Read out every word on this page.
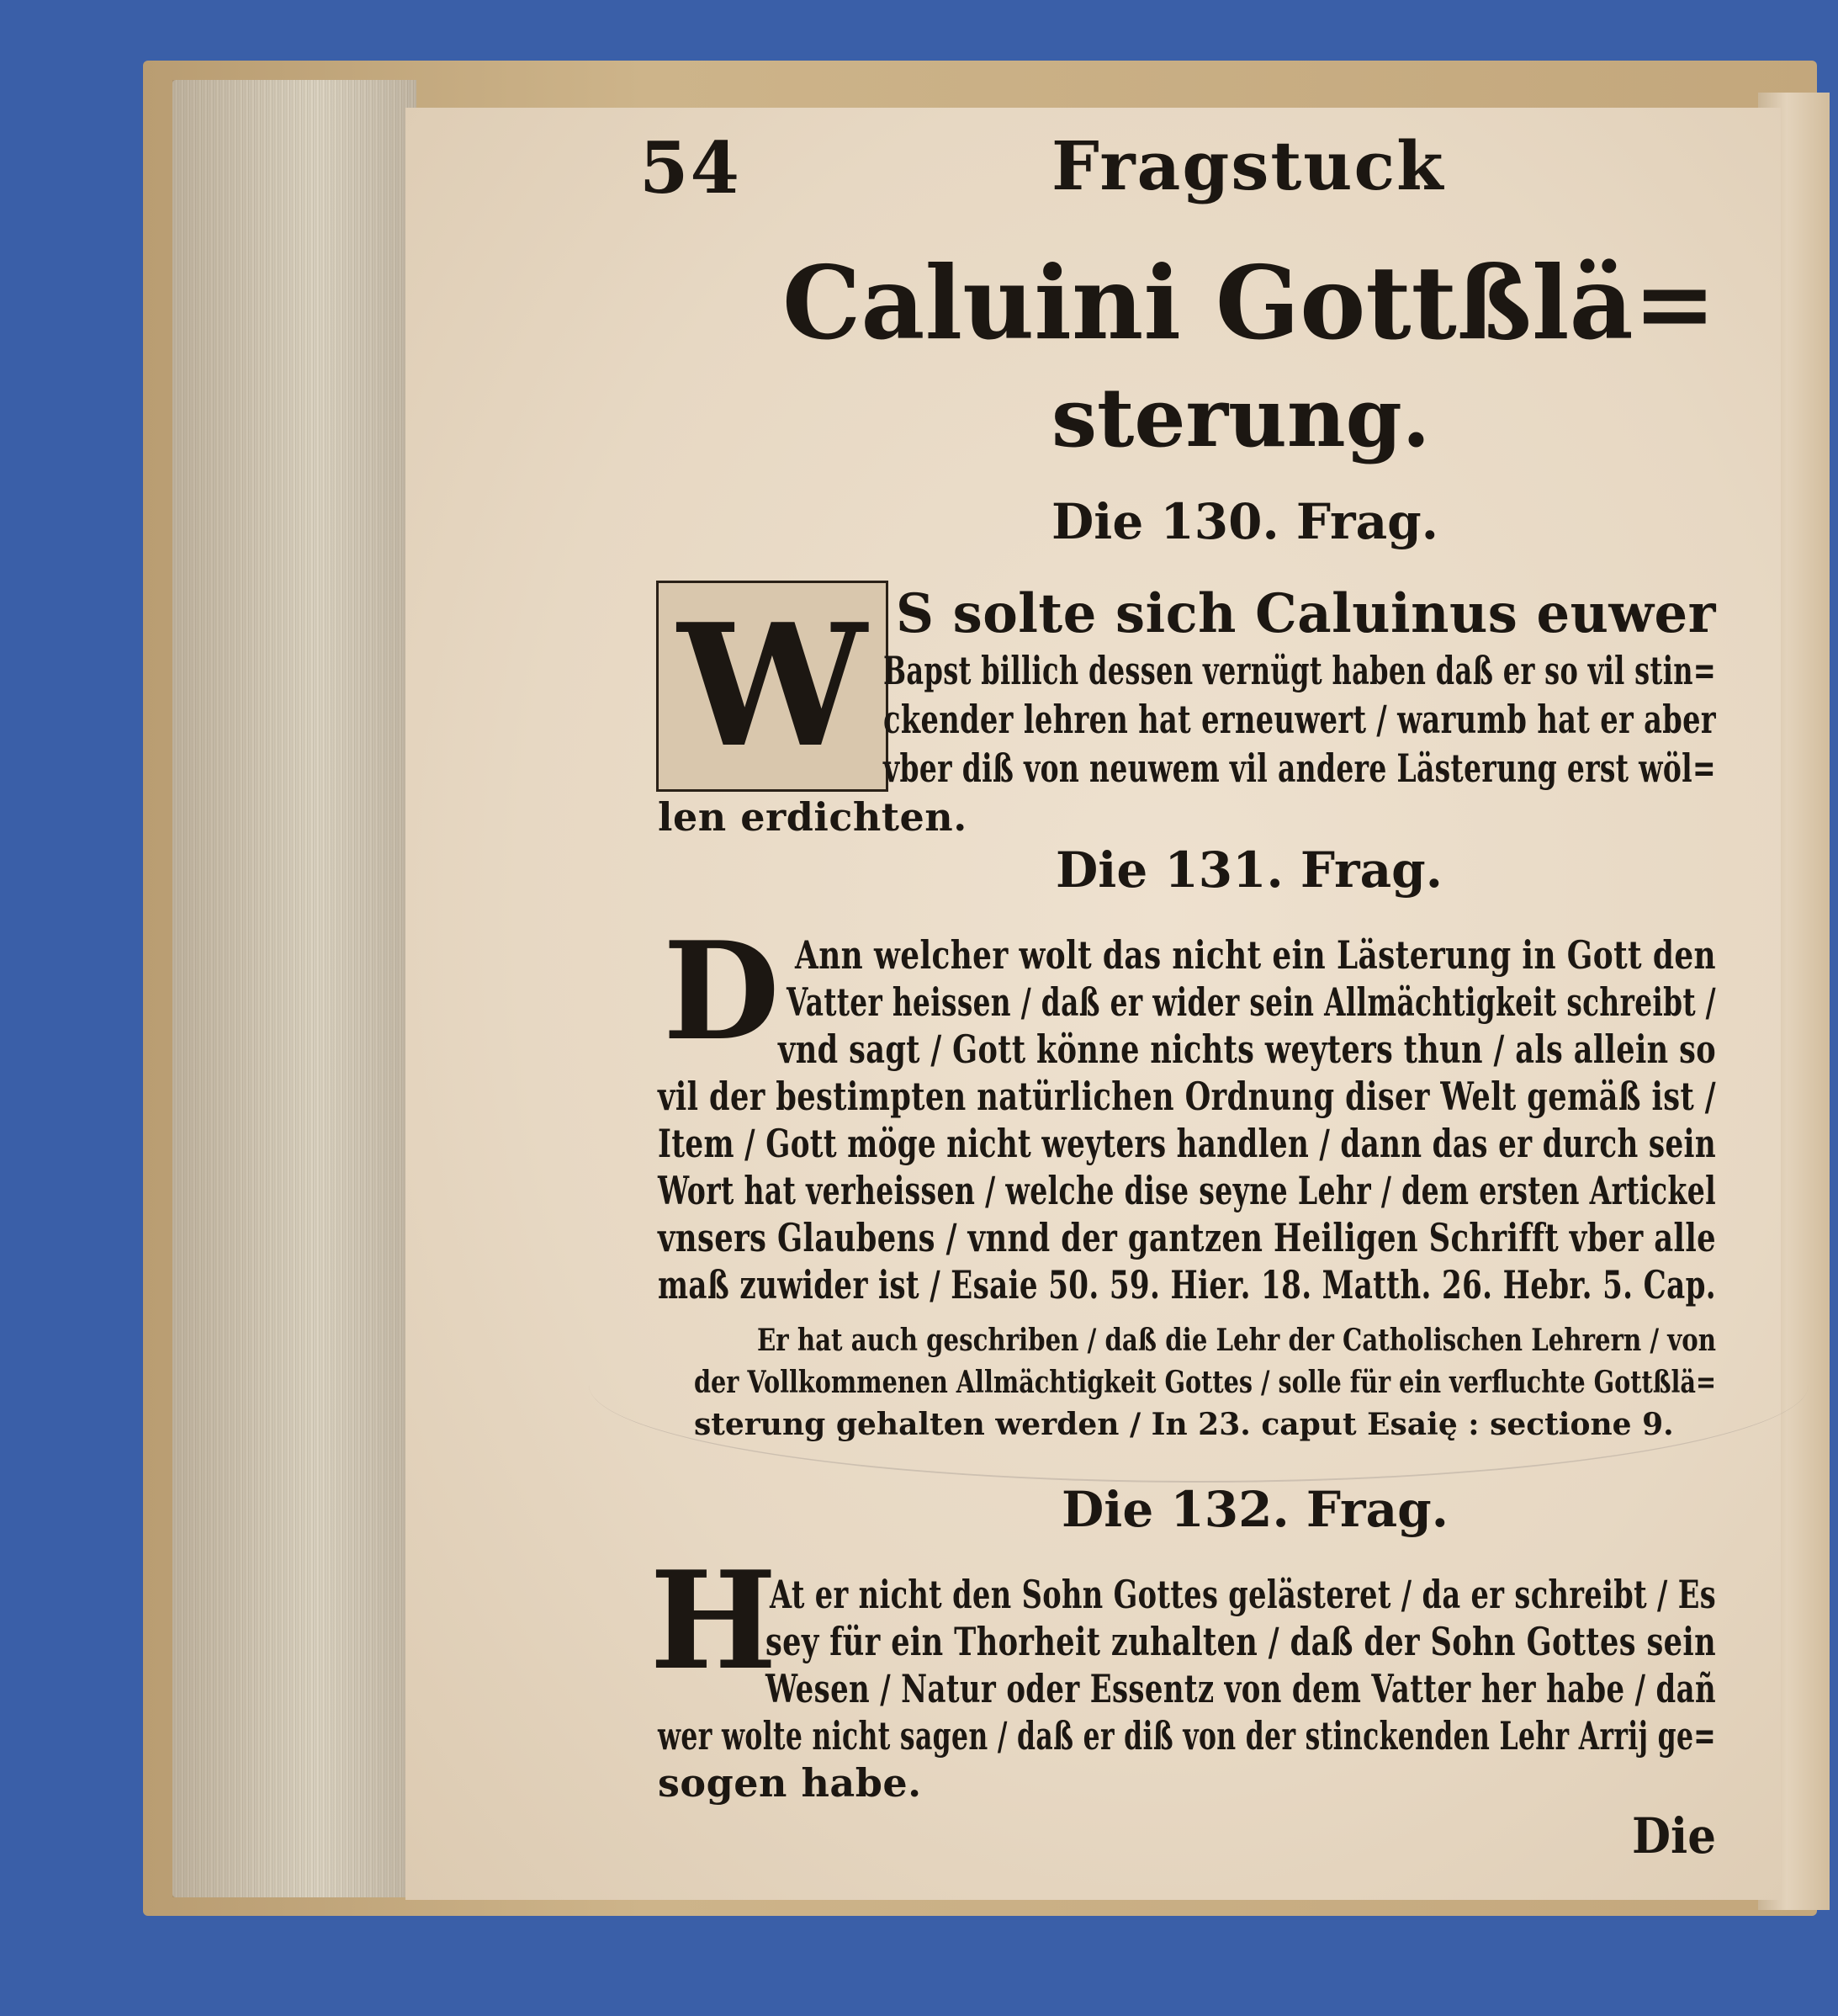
54	Fragstuck
Caluini Gottßlä=
sterung.
Die 130. Frag.
W S solte sich Caluinus euwer
Bapst billich dessen vernügt haben daß er so vil stin=
ckender lehren hat erneuwert / warumb hat er aber
vber diß von neuwem vil andere Lästerung erst wöl=
len erdichten.
Die 131. Frag.
D Ann welcher wolt das nicht ein Lästerung in Gott den
Vatter heissen / daß er wider sein Allmächtigkeit schreibt /
vnd sagt / Gott könne nichts weyters thun / als allein so
vil der bestimpten natürlichen Ordnung diser Welt gemäß ist /
Item / Gott möge nicht weyters handlen / dann das er durch sein
Wort hat verheissen / welche dise seyne Lehr / dem ersten Artickel
vnsers Glaubens / vnnd der gantzen Heiligen Schrifft vber alle
maß zuwider ist / Esaie 50. 59. Hier. 18. Matth. 26. Hebr. 5. Cap.
Er hat auch geschriben / daß die Lehr der Catholischen Lehrern / von
der Vollkommenen Allmächtigkeit Gottes / solle für ein verfluchte Gottßlä=
sterung gehalten werden / In 23. caput Esaię : sectione 9.
Die 132. Frag.
H
At er nicht den Sohn Gottes gelästeret / da er schreibt / Es
sey für ein Thorheit zuhalten / daß der Sohn Gottes sein
Wesen / Natur oder Essentz von dem Vatter her habe / dañ
wer wolte nicht sagen / daß er diß von der stinckenden Lehr Arrij ge=
sogen habe.
Die
